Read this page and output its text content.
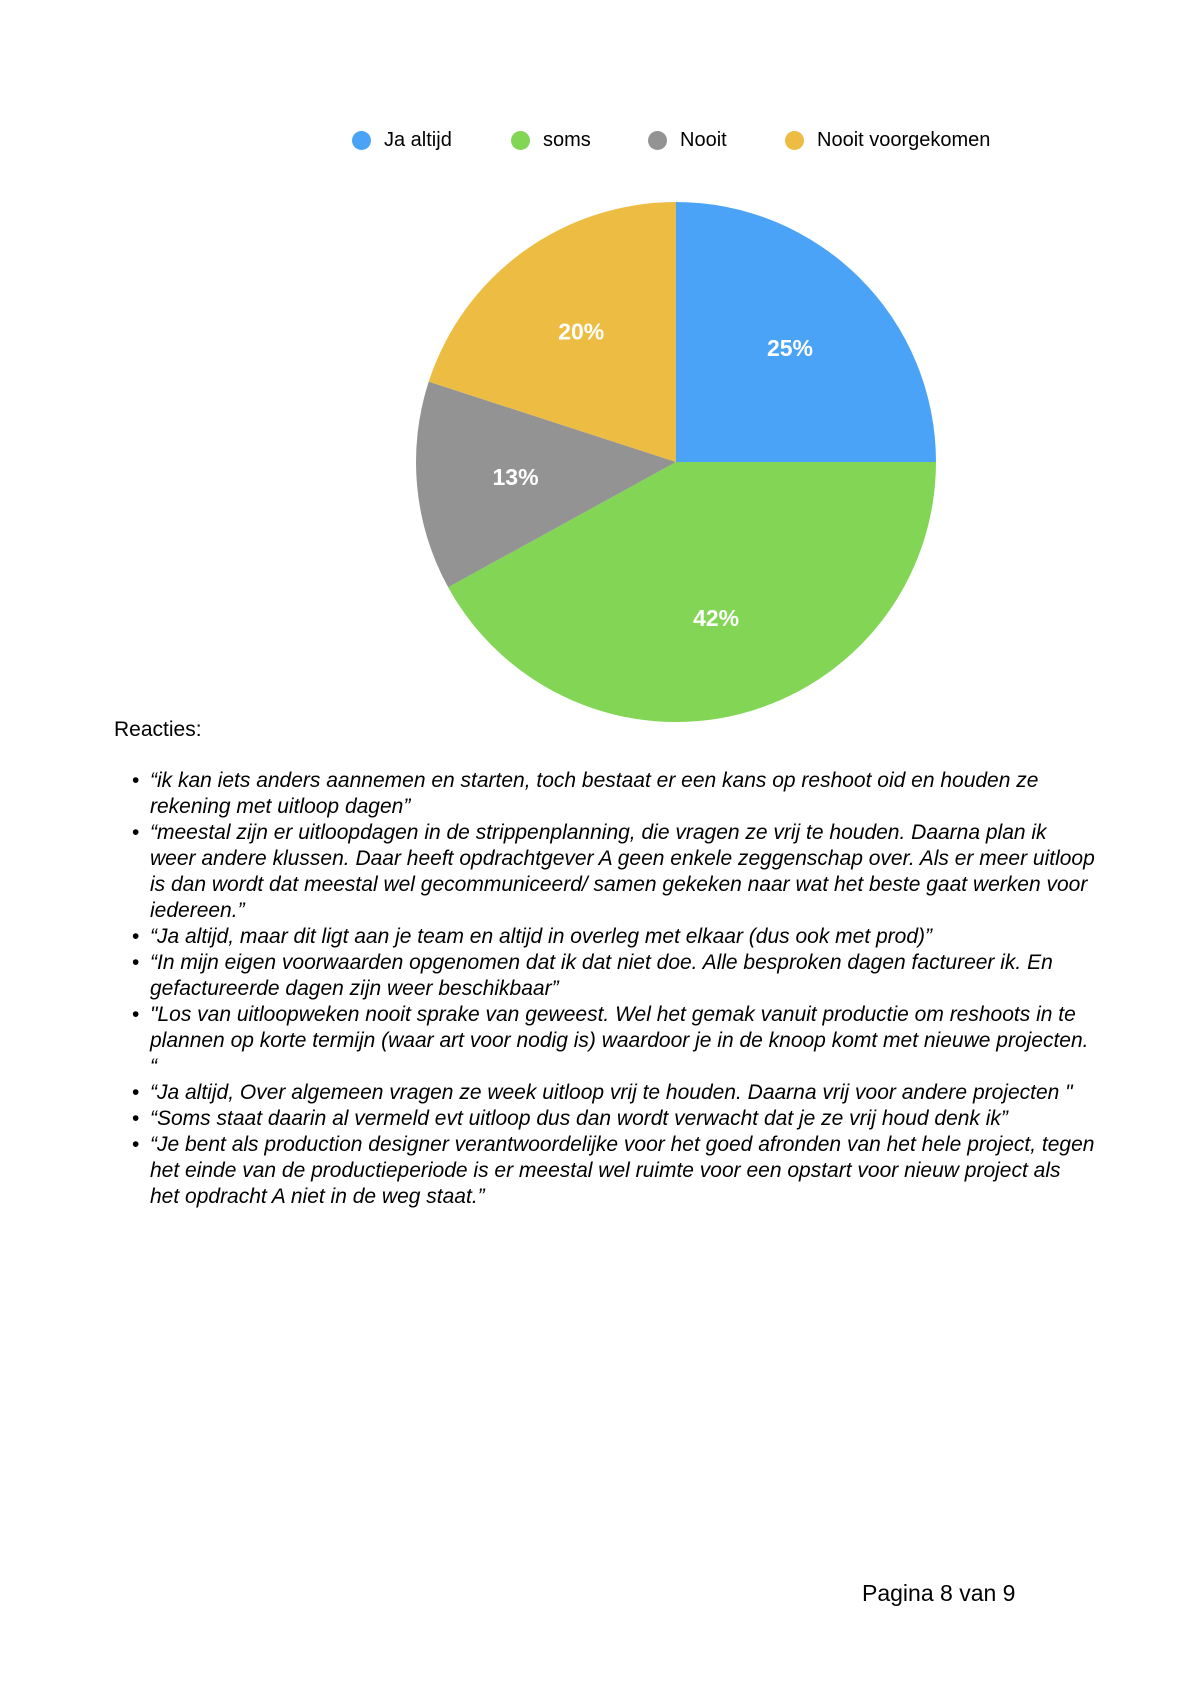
Ja altijd	soms	Nooit	Nooit voorgekomen
25%
42%
13%
20%
Reacties:
• “ik kan iets anders aannemen en starten, toch bestaat er een kans op reshoot oid en houden ze rekening met uitloop dagen”
• “meestal zijn er uitloopdagen in de strippenplanning, die vragen ze vrij te houden. Daarna plan ik weer andere klussen. Daar heeft opdrachtgever A geen enkele zeggenschap over. Als er meer uitloop is dan wordt dat meestal wel gecommuniceerd/ samen gekeken naar wat het beste gaat werken voor iedereen.”
• “Ja altijd, maar dit ligt aan je team en altijd in overleg met elkaar (dus ook met prod)”
• “In mijn eigen voorwaarden opgenomen dat ik dat niet doe. Alle besproken dagen factureer ik. En gefactureerde dagen zijn weer beschikbaar”
• "Los van uitloopweken nooit sprake van geweest. Wel het gemak vanuit productie om reshoots in te plannen op korte termijn (waar art voor nodig is) waardoor je in de knoop komt met nieuwe projecten. “
• “Ja altijd, Over algemeen vragen ze week uitloop vrij te houden. Daarna vrij voor andere projecten "
• “Soms staat daarin al vermeld evt uitloop dus dan wordt verwacht dat je ze vrij houd denk ik”
• “Je bent als production designer verantwoordelijke voor het goed afronden van het hele project, tegen het einde van de productieperiode is er meestal wel ruimte voor een opstart voor nieuw project als het opdracht A niet in de weg staat.”
Pagina 8 van 9
